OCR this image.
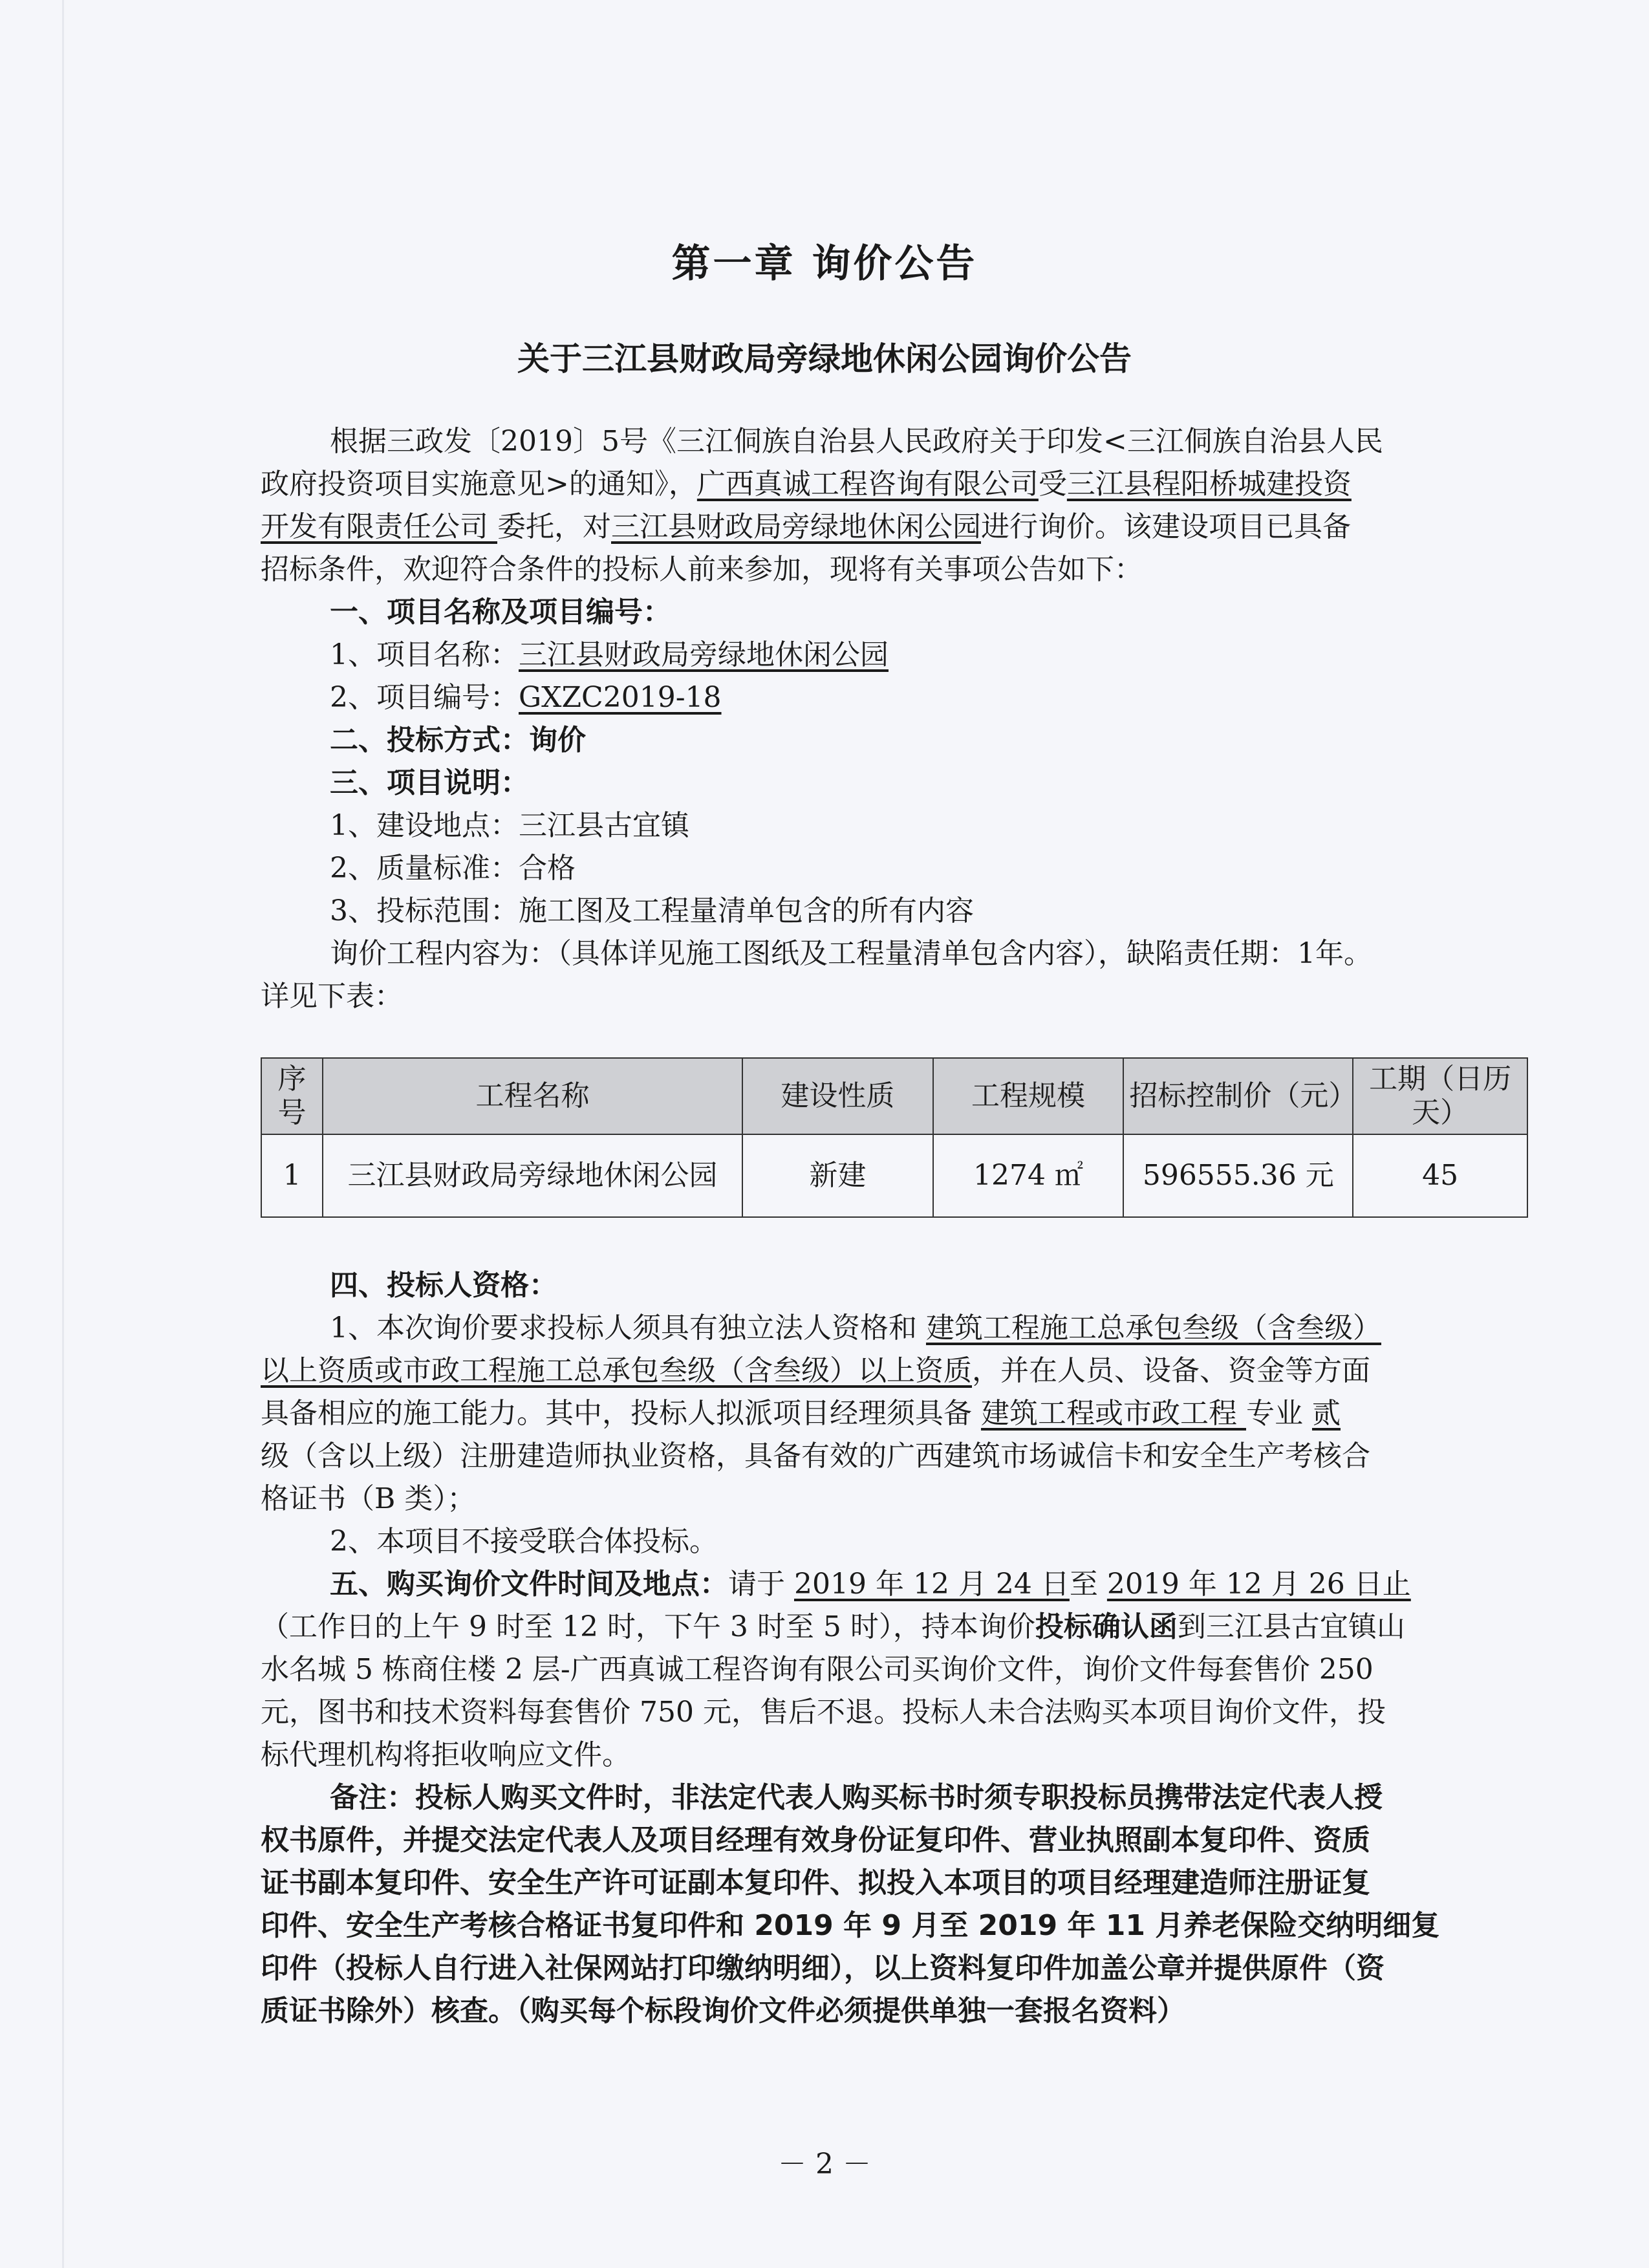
第一章 询价公告
关于三江县财政局旁绿地休闲公园询价公告
根据三政发〔2019〕5号《三江侗族自治县人民政府关于印发<三江侗族自治县人民
政府投资项目实施意见>的通知》，广西真诚工程咨询有限公司受三江县程阳桥城建投资
开发有限责任公司 委托，对三江县财政局旁绿地休闲公园进行询价。该建设项目已具备
招标条件，欢迎符合条件的投标人前来参加，现将有关事项公告如下：
一、项目名称及项目编号：
1、项目名称：三江县财政局旁绿地休闲公园
2、项目编号：GXZC2019-18
二、投标方式：询价
三、项目说明：
1、建设地点：三江县古宜镇
2、质量标准：合格
3、投标范围：施工图及工程量清单包含的所有内容
询价工程内容为：（具体详见施工图纸及工程量清单包含内容），缺陷责任期：1年。
详见下表：
序号	工程名称	建设性质	工程规模	招标控制价（元）	工期（日历天）
1	三江县财政局旁绿地休闲公园	新建	1274 ㎡	596555.36 元	45
四、投标人资格：
1、本次询价要求投标人须具有独立法人资格和 建筑工程施工总承包叁级（含叁级）
以上资质或市政工程施工总承包叁级（含叁级）以上资质，并在人员、设备、资金等方面
具备相应的施工能力。其中，投标人拟派项目经理须具备 建筑工程或市政工程 专业 贰
级（含以上级）注册建造师执业资格，具备有效的广西建筑市场诚信卡和安全生产考核合
格证书（B 类）；
2、本项目不接受联合体投标。
五、购买询价文件时间及地点：请于 2019 年 12 月 24 日至 2019 年 12 月 26 日止
（工作日的上午 9 时至 12 时，下午 3 时至 5 时），持本询价投标确认函到三江县古宜镇山
水名城 5 栋商住楼 2 层-广西真诚工程咨询有限公司买询价文件，询价文件每套售价 250
元，图书和技术资料每套售价 750 元，售后不退。投标人未合法购买本项目询价文件，投
标代理机构将拒收响应文件。
备注：投标人购买文件时，非法定代表人购买标书时须专职投标员携带法定代表人授
权书原件，并提交法定代表人及项目经理有效身份证复印件、营业执照副本复印件、资质
证书副本复印件、安全生产许可证副本复印件、拟投入本项目的项目经理建造师注册证复
印件、安全生产考核合格证书复印件和 2019 年 9 月至 2019 年 11 月养老保险交纳明细复
印件（投标人自行进入社保网站打印缴纳明细），以上资料复印件加盖公章并提供原件（资
质证书除外）核查。（购买每个标段询价文件必须提供单独一套报名资料）
－ 2 －
